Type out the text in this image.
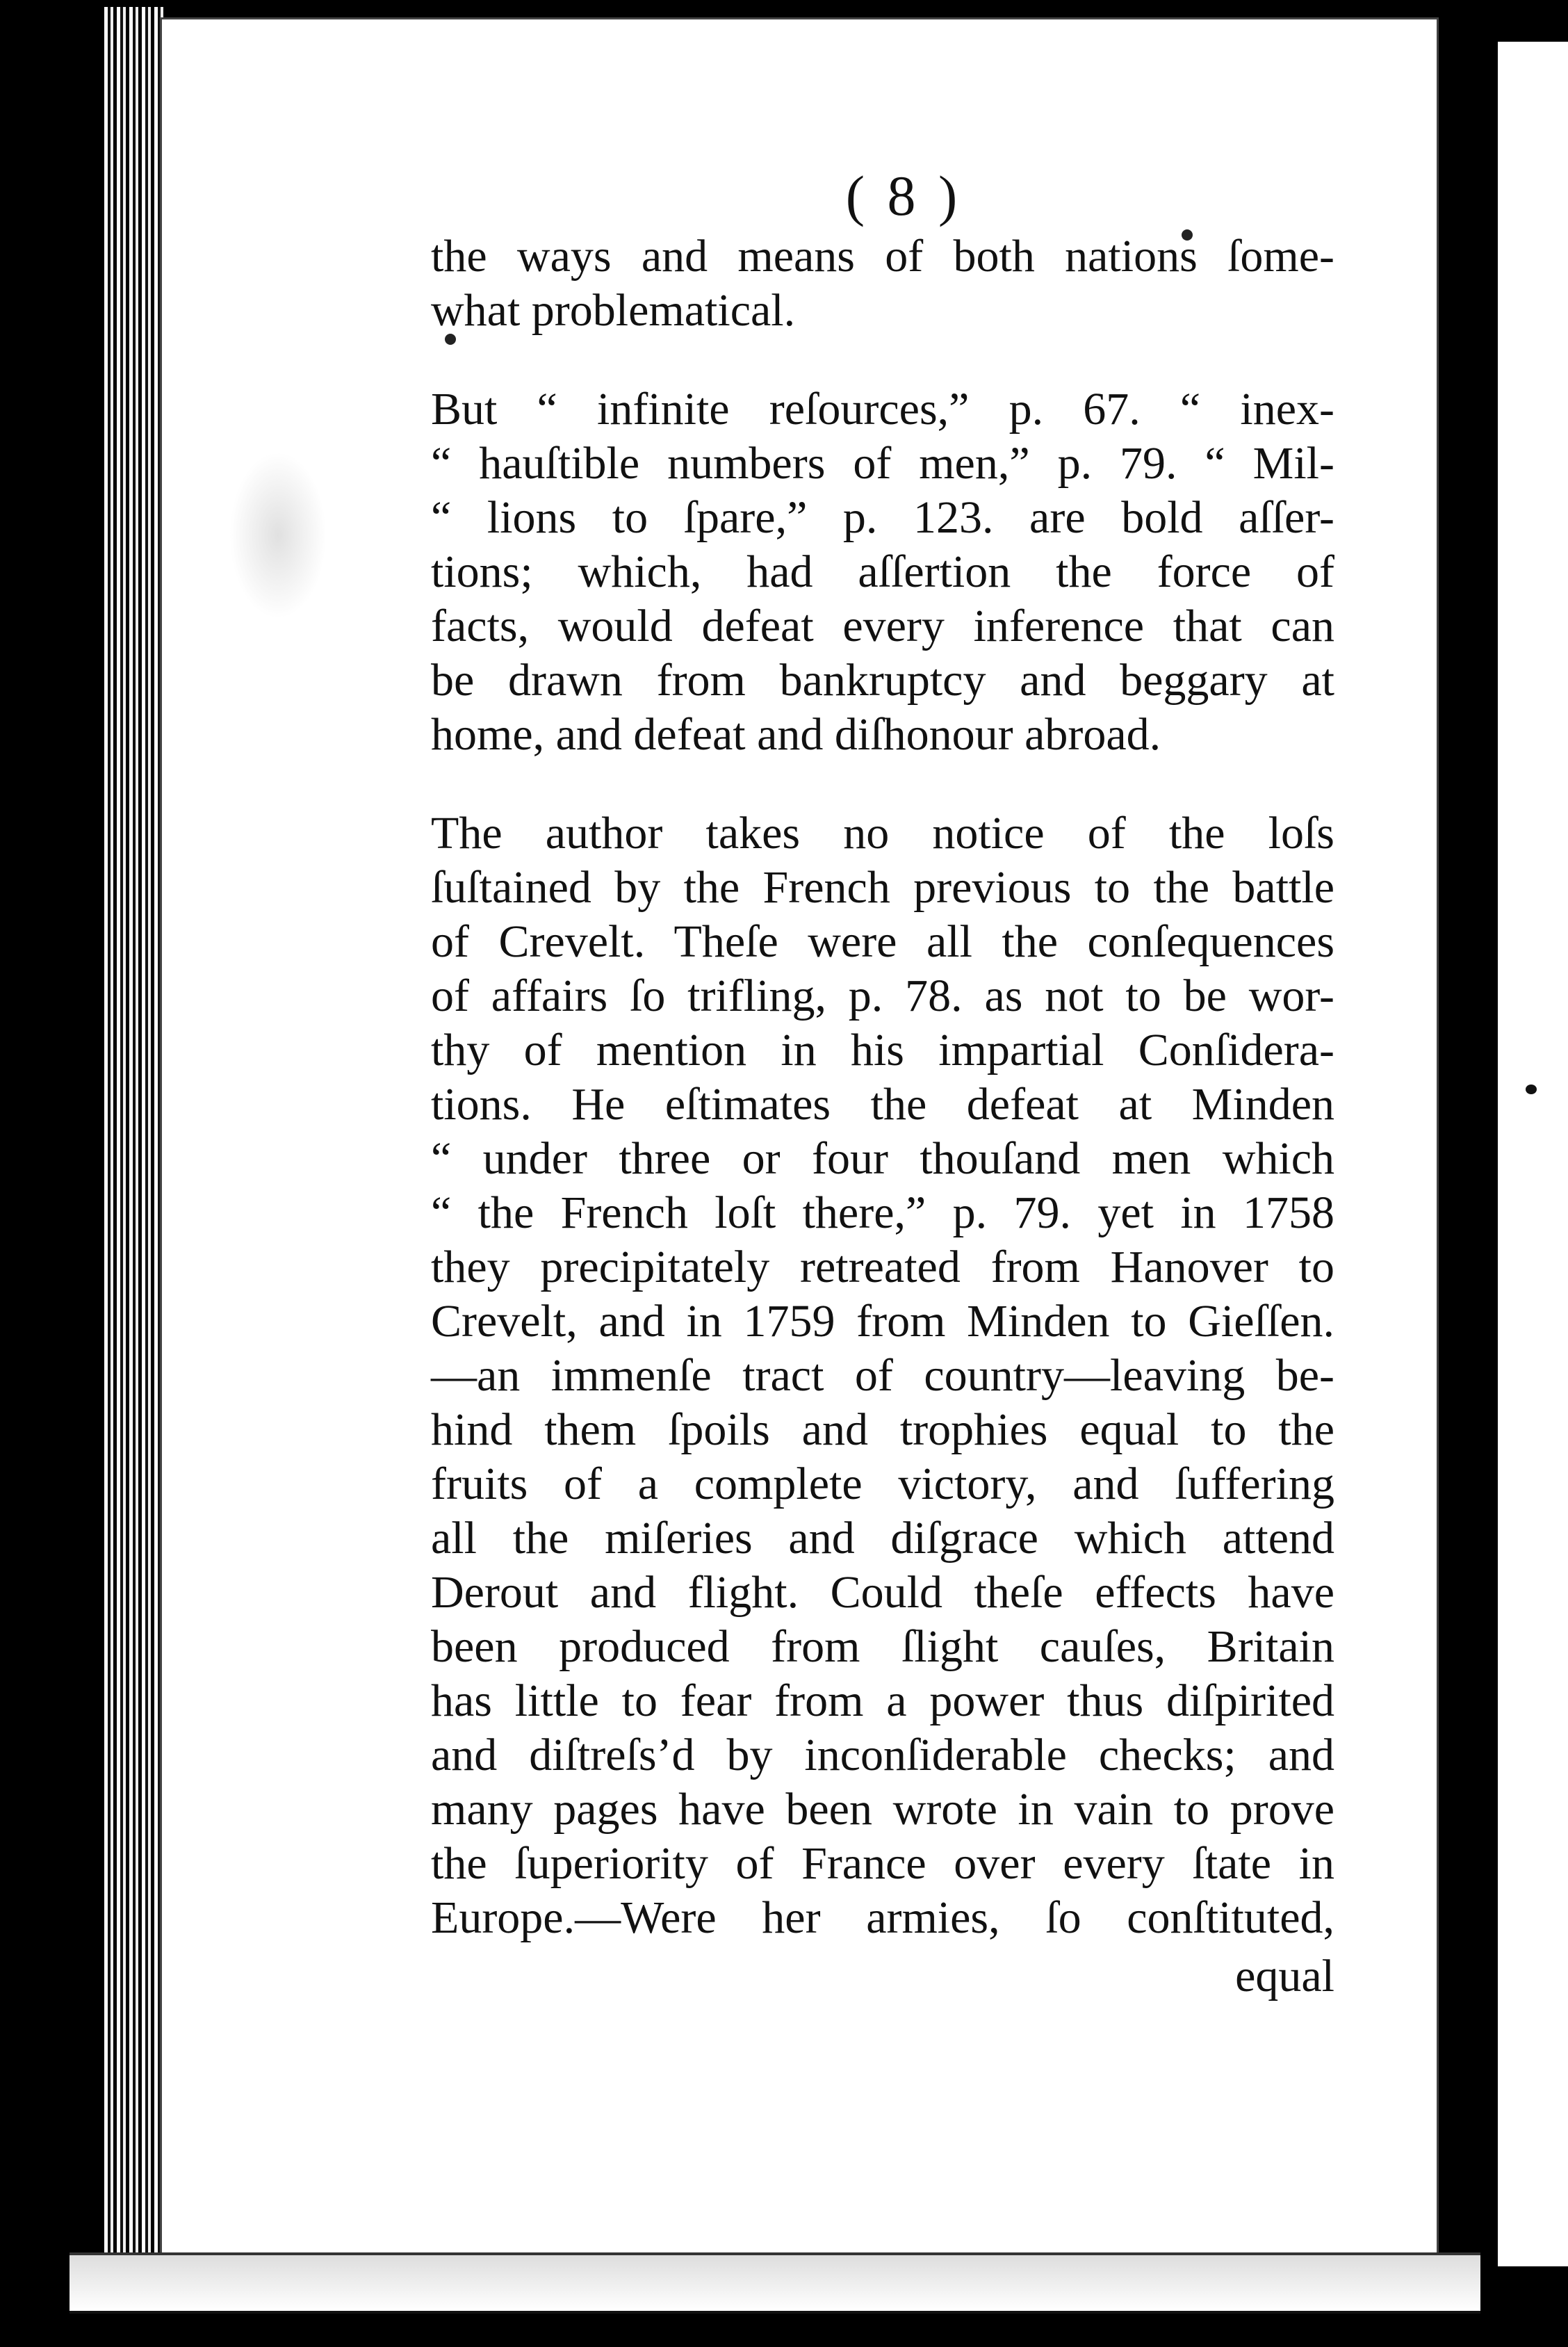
( 8 )
the ways and means of both nations ſome-
what problematical.
But “ infinite reſources,” p. 67. “ inex-
“ hauſtible numbers of men,” p. 79. “ Mil-
“ lions to ſpare,” p. 123. are bold aſſer-
tions; which, had aſſertion the force of
facts, would defeat every inference that can
be drawn from bankruptcy and beggary at
home, and defeat and diſhonour abroad.
The author takes no notice of the loſs
ſuſtained by the French previous to the battle
of Crevelt. Theſe were all the conſequences
of affairs ſo trifling, p. 78. as not to be wor-
thy of mention in his impartial Conſidera-
tions. He eſtimates the defeat at Minden
“ under three or four thouſand men which
“ the French loſt there,” p. 79. yet in 1758
they precipitately retreated from Hanover to
Crevelt, and in 1759 from Minden to Gieſſen.
—an immenſe tract of country—leaving be-
hind them ſpoils and trophies equal to the
fruits of a complete victory, and ſuffering
all the miſeries and diſgrace which attend
Derout and flight. Could theſe effects have
been produced from ſlight cauſes, Britain
has little to fear from a power thus diſpirited
and diſtreſs’d by inconſiderable checks; and
many pages have been wrote in vain to prove
the ſuperiority of France over every ſtate in
Europe.—Were her armies, ſo conſtituted,
equal
